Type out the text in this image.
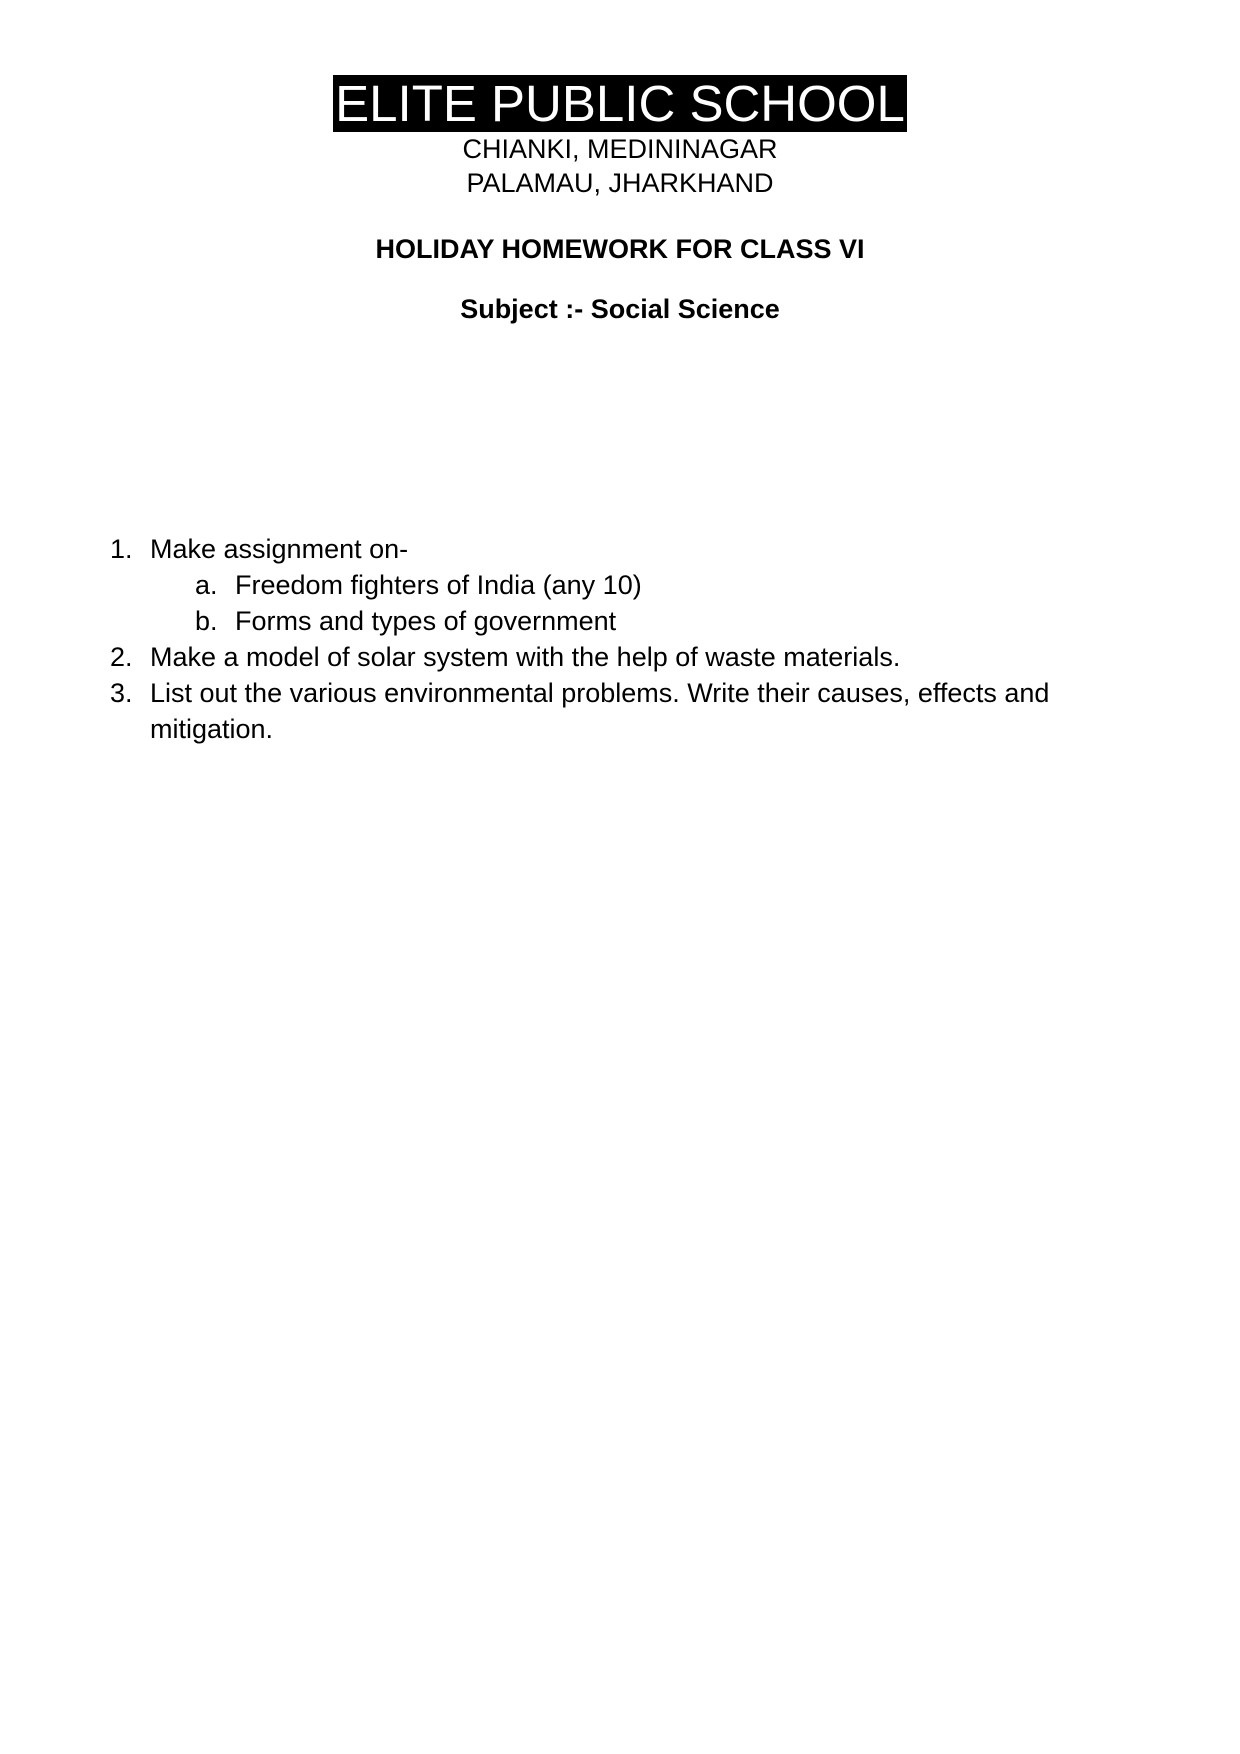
ELITE PUBLIC SCHOOL
CHIANKI, MEDININAGAR
PALAMAU, JHARKHAND
HOLIDAY HOMEWORK FOR CLASS VI
Subject :- Social Science
1. Make assignment on-
a. Freedom fighters of India (any 10)
b. Forms and types of government
2. Make a model of solar system with the help of waste materials.
3. List out the various environmental problems. Write their causes, effects and mitigation.
